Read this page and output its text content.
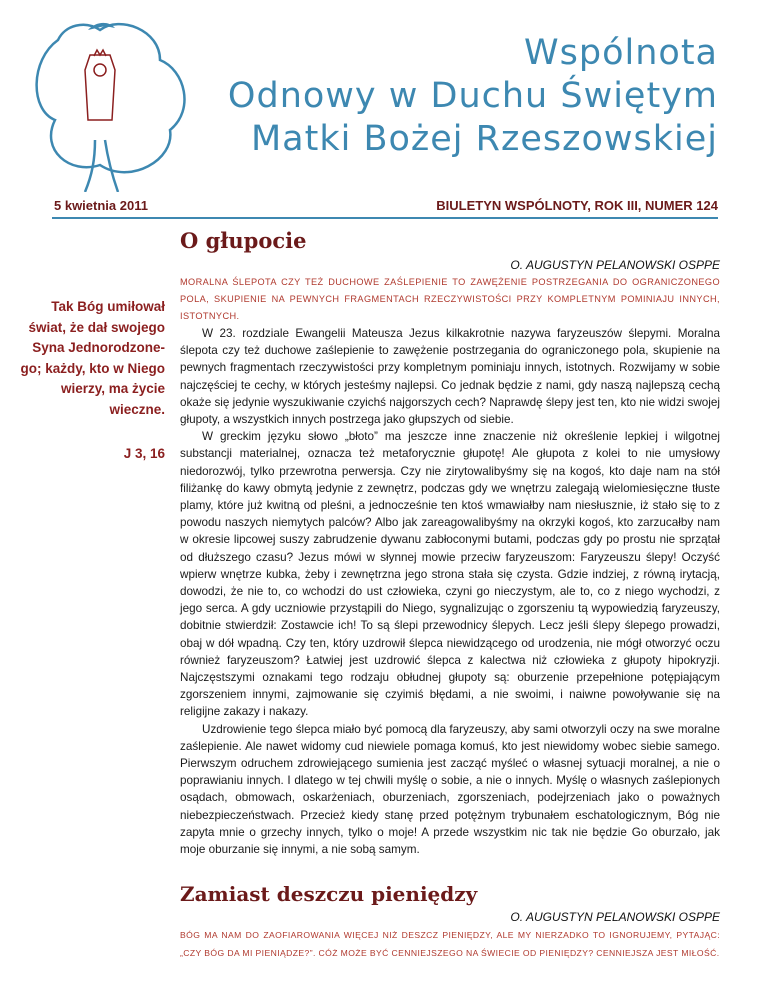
Wspólnota
Odnowy w Duchu Świętym
Matki Bożej Rzeszowskiej
5 kwietnia 2011	BIULETYN WSPÓLNOTY, ROK III, NUMER 124
Tak Bóg umiłował świat, że dał swojego Syna Jednorodzone-go; każdy, kto w Niego wierzy, ma życie wieczne.
J 3, 16
O głupocie
O. AUGUSTYN PELANOWSKI OSPPE
MORALNA ŚLEPOTA CZY TEŻ DUCHOWE ZAŚLEPIENIE TO ZAWĘŻENIE POSTRZEGANIA DO OGRANICZONEGO POLA, SKUPIENIE NA PEWNYCH FRAGMENTACH RZECZYWISTOŚCI PRZY KOMPLETNYM POMINIAJU INNYCH, ISTOTNYCH.

W 23. rozdziale Ewangelii Mateusza Jezus kilkakrotnie nazywa faryzeuszów ślepymi. Moralna ślepota czy też duchowe zaślepienie to zawężenie postrzegania do ograniczonego pola, skupienie na pewnych fragmentach rzeczywistości przy kompletnym pominiaju innych, istotnych. Rozwijamy w sobie najczęściej te cechy, w których jesteśmy najlepsi. Co jednak będzie z nami, gdy naszą najlepszą cechą okaże się jedynie wyszukiwanie czyichś najgorszych cech? Naprawdę ślepy jest ten, kto nie widzi swojej głupoty, a wszystkich innych postrzega jako głupszych od siebie.

W greckim języku słowo „błoto” ma jeszcze inne znaczenie niż określenie lepkiej i wilgotnej substancji materialnej, oznacza też metaforycznie głupotę! Ale głupota z kolei to nie umysłowy niedorozwój, tylko przewrotna perwersja. Czy nie zirytowalibyśmy się na kogoś, kto daje nam na stół filiżankę do kawy obmytą jedynie z zewnętrz, podczas gdy we wnętrzu zalegają wielomiesięczne tłuste plamy, które już kwitną od pleśni, a jednocześnie ten ktoś wmawiałby nam niesłusznie, iż stało się to z powodu naszych niemytych palców? Albo jak zareagowalibyśmy na okrzyki kogoś, kto zarzucałby nam w okresie lipcowej suszy zabrudzenie dywanu zabłoconymi butami, podczas gdy po prostu nie sprzątał od dłuższego czasu? Jezus mówi w słynnej mowie przeciw faryzeuszom: Faryzeuszu ślepy! Oczyść wpierw wnętrze kubka, żeby i zewnętrzna jego strona stała się czysta. Gdzie indziej, z równą irytacją, dowodzi, że nie to, co wchodzi do ust człowieka, czyni go nieczystym, ale to, co z niego wychodzi, z jego serca. A gdy uczniowie przystąpili do Niego, sygnalizując o zgorszeniu tą wypowiedzią faryzeuszy, dobitnie stwierdził: Zostawcie ich! To są ślepi przewodnicy ślepych. Lecz jeśli ślepy ślepego prowadzi, obaj w dół wpadną. Czy ten, który uzdrowił ślepca niewidzącego od urodzenia, nie mógł otworzyć oczu również faryzeuszom? Łatwiej jest uzdrowić ślepca z kalectwa niż człowieka z głupoty hipokryzji. Najczęstszymi oznakami tego rodzaju obłudnej głupoty są: oburzenie przepełnione potępiającym zgorszeniem innymi, zajmowanie się czyimiś błędami, a nie swoimi, i naiwne powoływanie się na religijne zakazy i nakazy.

Uzdrowienie tego ślepca miało być pomocą dla faryzeuszy, aby sami otworzyli oczy na swe moralne zaślepienie. Ale nawet widomy cud niewiele pomaga komuś, kto jest niewidomy wobec siebie samego. Pierwszym odruchem zdrowiejącego sumienia jest zacząć myśleć o własnej sytuacji moralnej, a nie o poprawianiu innych. I dlatego w tej chwili myślę o sobie, a nie o innych. Myślę o własnych zaślepionych osądach, obmowach, oskarżeniach, oburzeniach, zgorszeniach, podejrzeniach jako o poważnych niebezpieczeństwach. Przecież kiedy stanę przed potężnym trybunałem eschatologicznym, Bóg nie zapyta mnie o grzechy innych, tylko o moje! A przede wszystkim nic tak nie będzie Go oburzało, jak moje oburzanie się innymi, a nie sobą samym.

Zamiast deszczu pieniędzy
O. AUGUSTYN PELANOWSKI OSPPE
BÓG MA NAM DO ZAOFIAROWANIA WIĘCEJ NIŻ DESZCZ PIENIĘDZY, ALE MY NIERZADKO TO IGNORUJEMY, PYTAJĄC: „CZY BÓG DA MI PIENIĄDZE?”. CÓŻ MOŻE BYĆ CENNIEJSZEGO NA ŚWIECIE OD PIENIĘDZY? CENNIEJSZA JEST MIŁOŚĆ.
